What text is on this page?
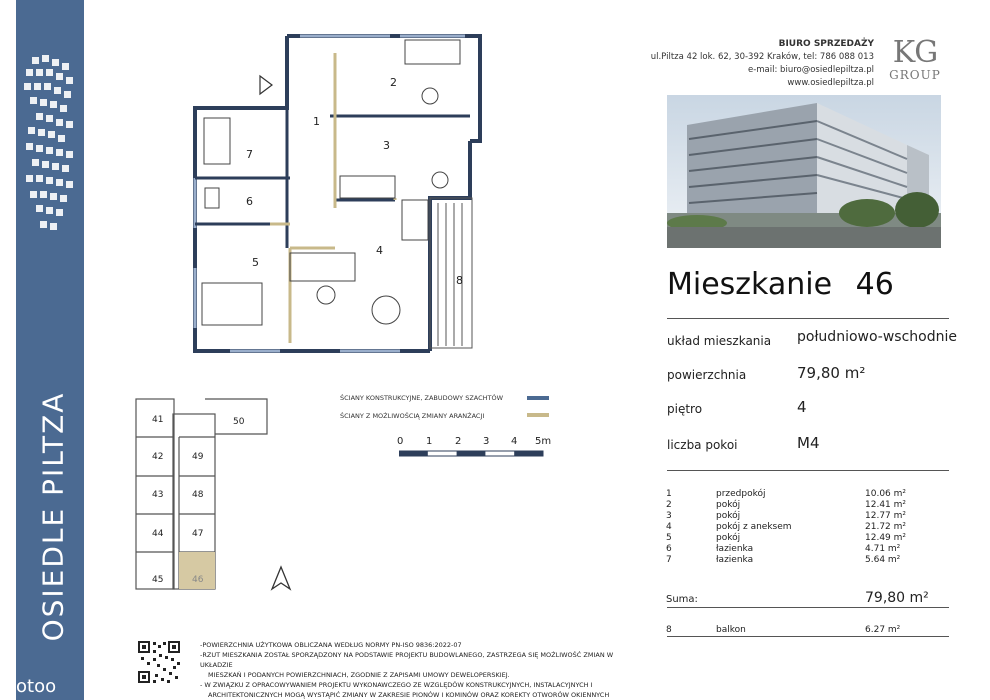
OSIEDLE PILTZA
otoo
1
2
3
4
5
6
7
8
ŚCIANY KONSTRUKCYJNE, ZABUDOWY SZACHTÓW
ŚCIANY Z MOŻLIWOŚCIĄ ZMIANY ARANŻACJI
0 1 2 3 4 5m
41
42
43
44
45
50
49
48
47
46
-POWIERZCHNIA UŻYTKOWA OBLICZANA WEDŁUG NORMY PN-ISO 9836:2022-07
-RZUT MIESZKANIA ZOSTAŁ SPORZĄDZONY NA PODSTAWIE PROJEKTU BUDOWLANEGO, ZASTRZEGA SIĘ MOŻLIWOŚĆ ZMIAN W UKŁADZIE
MIESZKAŃ I PODANYCH POWIERZCHNIACH, ZGODNIE Z ZAPISAMI UMOWY DEWELOPERSKIEJ.
- W ZWIĄZKU Z OPRACOWYWANIEM PROJEKTU WYKONAWCZEGO ZE WZGLĘDÓW KONSTRUKCYJNYCH, INSTALACYJNYCH I
ARCHITEKTONICZNYCH MOGĄ WYSTĄPIĆ ZMIANY W ZAKRESIE PIONÓW I KOMINÓW ORAZ KOREKTY OTWORÓW OKIENNYCH
BIURO SPRZEDAŻY
ul.Piltza 42 lok. 62, 30-392 Kraków, tel: 786 088 013
e-mail: biuro@osiedlepiltza.pl
www.osiedlepiltza.pl
KG
GROUP
Mieszkanie 46
układ mieszkania południowo-wschodnie
powierzchnia	79,80 m²
piętro	4
liczba pokoi	M4
1	przedpokój	10.06 m²
2	pokój	12.41 m²
3	pokój	12.77 m²
4	pokój z aneksem	21.72 m²
5	pokój	12.49 m²
6	łazienka	4.71 m²
7	łazienka	5.64 m²
Suma:	79,80 m²
8	balkon	6.27 m²
